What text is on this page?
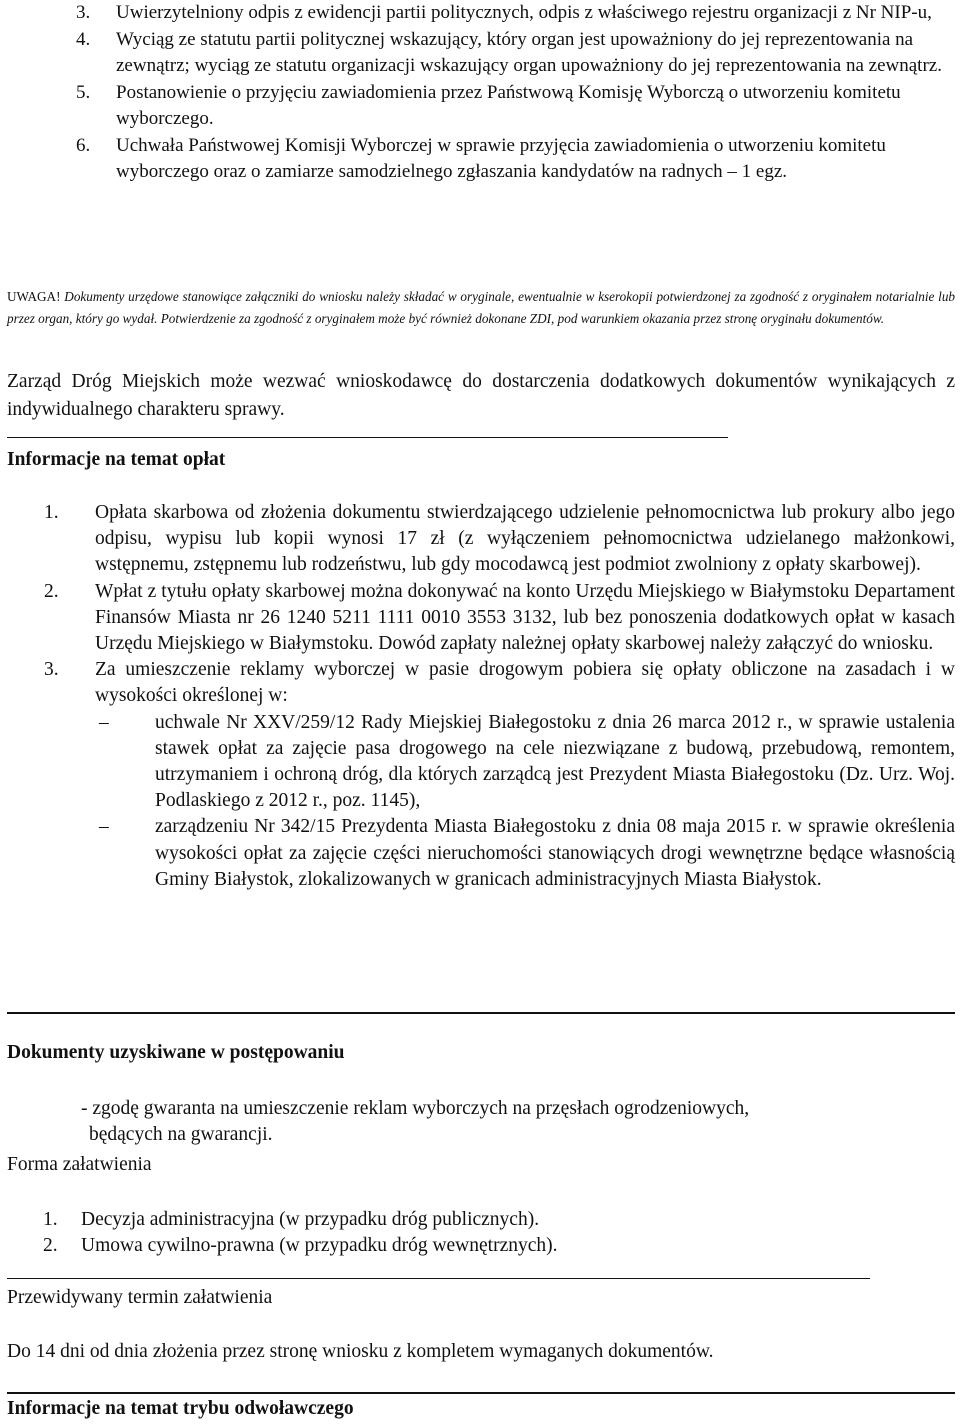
3.	Uwierzytelniony odpis z ewidencji partii politycznych, odpis z właściwego rejestru organizacji z Nr NIP-u,
4.	Wyciąg ze statutu partii politycznej wskazujący, który organ jest upoważniony do jej reprezentowania na zewnątrz; wyciąg ze statutu organizacji wskazujący organ upoważniony do jej reprezentowania na zewnątrz.
5.	Postanowienie o przyjęciu zawiadomienia przez Państwową Komisję Wyborczą o utworzeniu komitetu wyborczego.
6.	Uchwała Państwowej Komisji Wyborczej w sprawie przyjęcia zawiadomienia o utworzeniu komitetu wyborczego oraz o zamiarze samodzielnego zgłaszania kandydatów na radnych – 1 egz.
UWAGA! Dokumenty urzędowe stanowiące załączniki do wniosku należy składać w oryginale, ewentualnie w kserokopii potwierdzonej za zgodność z oryginałem notarialnie lub przez organ, który go wydał. Potwierdzenie za zgodność z oryginałem może być również dokonane ZDI, pod warunkiem okazania przez stronę oryginału dokumentów.
Zarząd Dróg Miejskich może wezwać wnioskodawcę do dostarczenia dodatkowych dokumentów wynikających z indywidualnego charakteru sprawy.
Informacje na temat opłat
1. Opłata skarbowa od złożenia dokumentu stwierdzającego udzielenie pełnomocnictwa lub prokury albo jego odpisu, wypisu lub kopii wynosi 17 zł (z wyłączeniem pełnomocnictwa udzielanego małżonkowi, wstępnemu, zstępnemu lub rodzeństwu, lub gdy mocodawcą jest podmiot zwolniony z opłaty skarbowej).
2. Wpłat z tytułu opłaty skarbowej można dokonywać na konto Urzędu Miejskiego w Białymstoku Departament Finansów Miasta nr 26 1240 5211 1111 0010 3553 3132, lub bez ponoszenia dodatkowych opłat w kasach Urzędu Miejskiego w Białymstoku. Dowód zapłaty należnej opłaty skarbowej należy załączyć do wniosku.
3. Za umieszczenie reklamy wyborczej w pasie drogowym pobiera się opłaty obliczone na zasadach i w wysokości określonej w:
– uchwale Nr XXV/259/12 Rady Miejskiej Białegostoku z dnia 26 marca 2012 r., w sprawie ustalenia stawek opłat za zajęcie pasa drogowego na cele niezwiązane z budową, przebudową, remontem, utrzymaniem i ochroną dróg, dla których zarządcą jest Prezydent Miasta Białegostoku (Dz. Urz. Woj. Podlaskiego z 2012 r., poz. 1145),
– zarządzeniu Nr 342/15 Prezydenta Miasta Białegostoku z dnia 08 maja 2015 r. w sprawie określenia wysokości opłat za zajęcie części nieruchomości stanowiących drogi wewnętrzne będące własnością Gminy Białystok, zlokalizowanych w granicach administracyjnych Miasta Białystok.
Dokumenty uzyskiwane w postępowaniu
- zgodę gwaranta na umieszczenie reklam wyborczych na przęsłach ogrodzeniowych,
będących na gwarancji.
Forma załatwienia
1. Decyzja administracyjna (w przypadku dróg publicznych).
2. Umowa cywilno-prawna (w przypadku dróg wewnętrznych).
Przewidywany termin załatwienia
Do 14 dni od dnia złożenia przez stronę wniosku z kompletem wymaganych dokumentów.
Informacje na temat trybu odwoławczego
